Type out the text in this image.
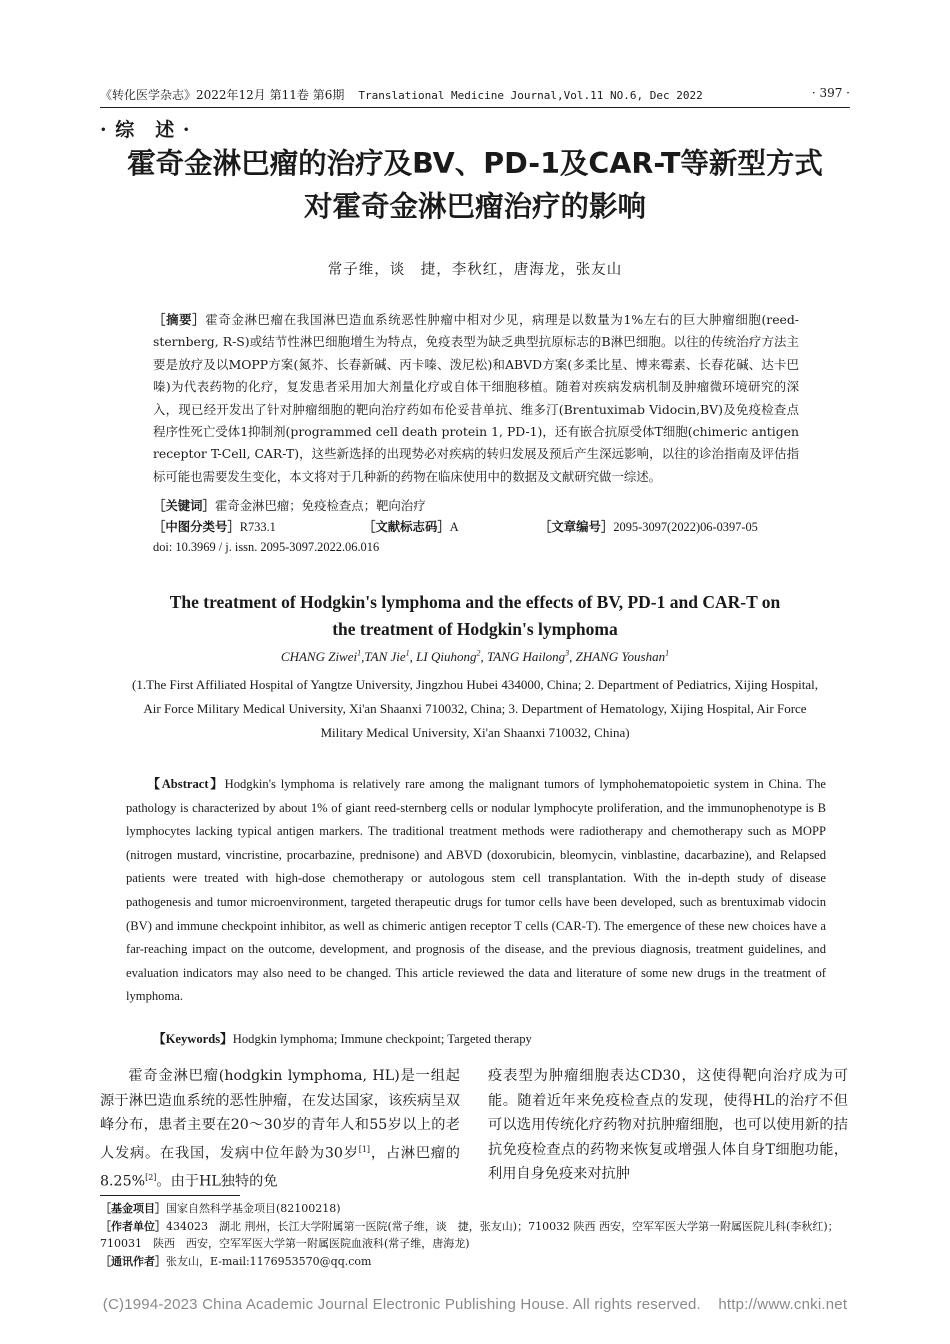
《转化医学杂志》2022年12月 第11卷 第6期 Translational Medicine Journal,Vol.11 NO.6, Dec 2022	· 397 ·
· 综　述 ·
霍奇金淋巴瘤的治疗及BV、PD-1及CAR-T等新型方式
对霍奇金淋巴瘤治疗的影响
常子维，谈　捷，李秋红，唐海龙，张友山
［摘要］霍奇金淋巴瘤在我国淋巴造血系统恶性肿瘤中相对少见，病理是以数量为1%左右的巨大肿瘤细胞(reed-sternberg, R-S)或结节性淋巴细胞增生为特点，免疫表型为缺乏典型抗原标志的B淋巴细胞。以往的传统治疗方法主要是放疗及以MOPP方案(氮芥、长春新碱、丙卡嗪、泼尼松)和ABVD方案(多柔比星、博来霉素、长春花碱、达卡巴嗪)为代表药物的化疗，复发患者采用加大剂量化疗或自体干细胞移植。随着对疾病发病机制及肿瘤微环境研究的深入，现已经开发出了针对肿瘤细胞的靶向治疗药如布伦妥昔单抗、维多汀(Brentuximab Vidocin,BV)及免疫检查点程序性死亡受体1抑制剂(programmed cell death protein 1, PD-1)，还有嵌合抗原受体T细胞(chimeric antigen receptor T-Cell, CAR-T)，这些新选择的出现势必对疾病的转归发展及预后产生深远影响，以往的诊治指南及评估指标可能也需要发生变化，本文将对于几种新的药物在临床使用中的数据及文献研究做一综述。
［关键词］霍奇金淋巴瘤；免疫检查点；靶向治疗
［中图分类号］R733.1	［文献标志码］A	［文章编号］2095-3097(2022)06-0397-05
doi: 10.3969 / j. issn. 2095-3097.2022.06.016
The treatment of Hodgkin's lymphoma and the effects of BV, PD-1 and CAR-T on
the treatment of Hodgkin's lymphoma
CHANG Ziwei$^1$,TAN Jie$^1$, LI Qiuhong$^2$, TANG Hailong$^3$, ZHANG Youshan$^1$
(1.The First Affiliated Hospital of Yangtze University, Jingzhou Hubei 434000, China; 2. Department of Pediatrics, Xijing Hospital, Air Force Military Medical University, Xi'an Shaanxi 710032, China; 3. Department of Hematology, Xijing Hospital, Air Force Military Medical University, Xi'an Shaanxi 710032, China)
【Abstract】Hodgkin's lymphoma is relatively rare among the malignant tumors of lymphohematopoietic system in China. The pathology is characterized by about 1% of giant reed-sternberg cells or nodular lymphocyte proliferation, and the immunophenotype is B lymphocytes lacking typical antigen markers. The traditional treatment methods were radiotherapy and chemotherapy such as MOPP (nitrogen mustard, vincristine, procarbazine, prednisone) and ABVD (doxorubicin, bleomycin, vinblastine, dacarbazine), and Relapsed patients were treated with high-dose chemotherapy or autologous stem cell transplantation. With the in-depth study of disease pathogenesis and tumor microenvironment, targeted therapeutic drugs for tumor cells have been developed, such as brentuximab vidocin (BV) and immune checkpoint inhibitor, as well as chimeric antigen receptor T cells (CAR-T). The emergence of these new choices have a far-reaching impact on the outcome, development, and prognosis of the disease, and the previous diagnosis, treatment guidelines, and evaluation indicators may also need to be changed. This article reviewed the data and literature of some new drugs in the treatment of lymphoma.
【Keywords】Hodgkin lymphoma; Immune checkpoint; Targeted therapy
霍奇金淋巴瘤(hodgkin lymphoma, HL)是一组起源于淋巴造血系统的恶性肿瘤，在发达国家，该疾病呈双峰分布，患者主要在20～30岁的青年人和55岁以上的老人发病。在我国，发病中位年龄为30岁[1]，占淋巴瘤的8.25%[2]。由于HL独特的免
疫表型为肿瘤细胞表达CD30，这使得靶向治疗成为可能。随着近年来免疫检查点的发现，使得HL的治疗不但可以选用传统化疗药物对抗肿瘤细胞，也可以使用新的拮抗免疫检查点的药物来恢复或增强人体自身T细胞功能，利用自身免疫来对抗肿
［基金项目］国家自然科学基金项目(82100218)
［作者单位］434023　湖北 荆州，长江大学附属第一医院(常子维，谈　捷，张友山)；710032 陕西 西安，空军军医大学第一附属医院儿科(李秋红)；710031　陕西　西安，空军军医大学第一附属医院血液科(常子维，唐海龙)
［通讯作者］张友山，E-mail:1176953570@qq.com
(C)1994-2023 China Academic Journal Electronic Publishing House. All rights reserved.    http://www.cnki.net
